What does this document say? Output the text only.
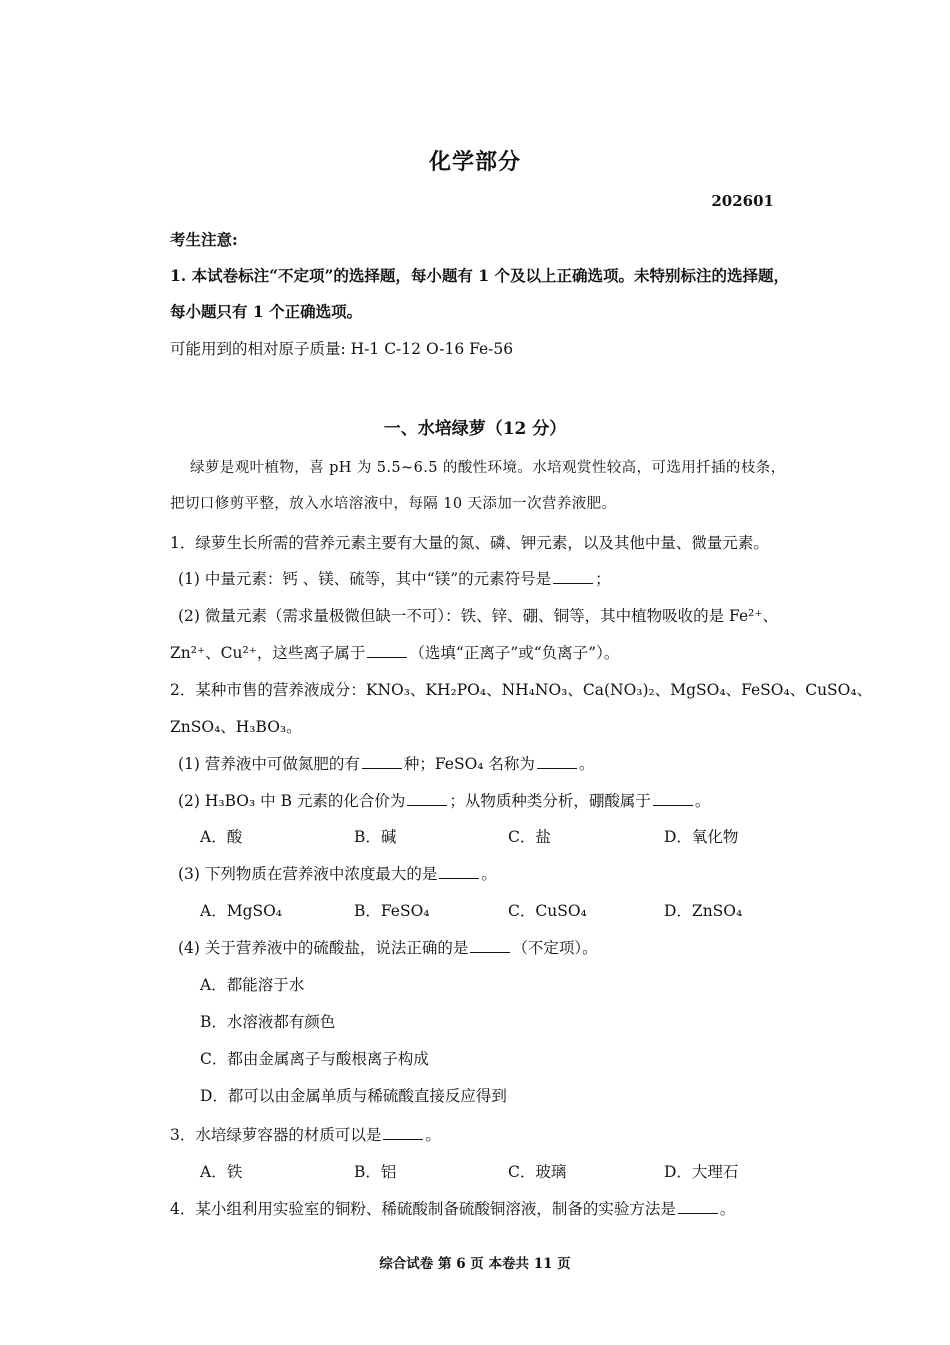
化学部分
202601
考生注意:
1. 本试卷标注“不定项”的选择题，每小题有 1 个及以上正确选项。未特别标注的选择题，
每小题只有 1 个正确选项。
可能用到的相对原子质量: H-1 C-12 O-16 Fe-56
一、水培绿萝（12 分）
绿萝是观叶植物，喜 pH 为 5.5~6.5 的酸性环境。水培观赏性较高，可选用扦插的枝条，
把切口修剪平整，放入水培溶液中，每隔 10 天添加一次营养液肥。
1．绿萝生长所需的营养元素主要有大量的氮、磷、钾元素，以及其他中量、微量元素。
(1) 中量元素：钙 、镁、硫等，其中“镁”的元素符号是	；
(2) 微量元素（需求量极微但缺一不可）：铁、锌、硼、铜等，其中植物吸收的是 Fe²⁺、
Zn²⁺、Cu²⁺，这些离子属于	（选填“正离子”或“负离子”）。
2．某种市售的营养液成分：KNO₃、KH₂PO₄、NH₄NO₃、Ca(NO₃)₂、MgSO₄、FeSO₄、CuSO₄、
ZnSO₄、H₃BO₃。
(1) 营养液中可做氮肥的有	种；FeSO₄ 名称为	。
(2) H₃BO₃ 中 B 元素的化合价为	；从物质种类分析，硼酸属于	。
A．酸	B．碱	C．盐	D．氧化物
(3) 下列物质在营养液中浓度最大的是	。
A．MgSO₄	B．FeSO₄	C．CuSO₄	D．ZnSO₄
(4) 关于营养液中的硫酸盐，说法正确的是	（不定项）。
A．都能溶于水
B．水溶液都有颜色
C．都由金属离子与酸根离子构成
D．都可以由金属单质与稀硫酸直接反应得到
3．水培绿萝容器的材质可以是	。
A．铁	B．铝	C．玻璃	D．大理石
4．某小组利用实验室的铜粉、稀硫酸制备硫酸铜溶液，制备的实验方法是	。
综合试卷 第 6 页 本卷共 11 页
